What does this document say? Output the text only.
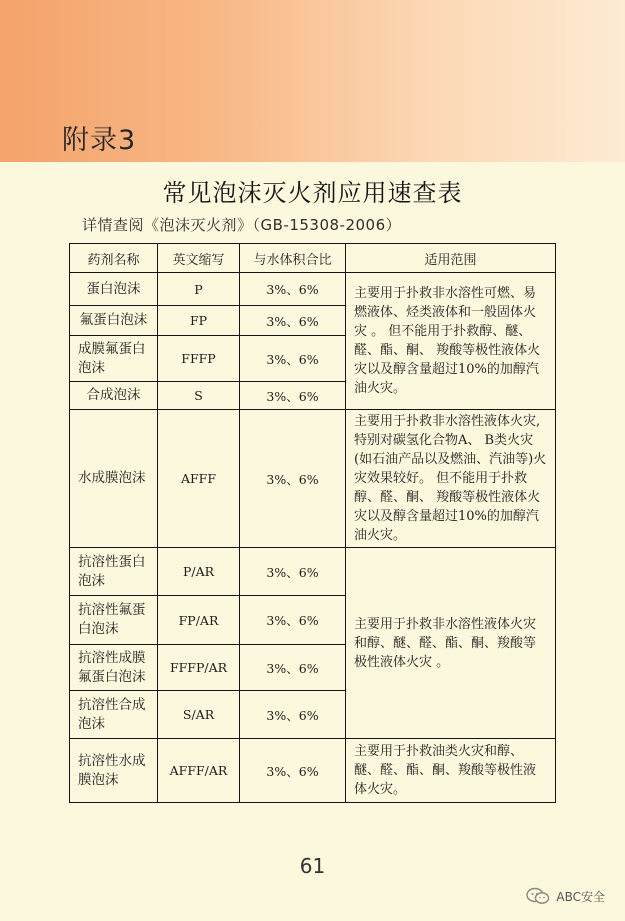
附录3
常见泡沫灭火剂应用速查表
详情查阅《泡沫灭火剂》（GB-15308-2006）
药剂名称	英文缩写	与水体积合比	适用范围
蛋白泡沫	P	3%、6%	主要用于扑救非水溶性可燃、易燃液体、烃类液体和一般固体火灾 。 但不能用于扑救醇、醚、醛、酯、酮、 羧酸等极性液体火灾以及醇含量超过10%的加醇汽油火灾。
氟蛋白泡沫	FP	3%、6%	
成膜氟蛋白泡沫	FFFP	3%、6%	
合成泡沫	S	3%、6%	
水成膜泡沫	AFFF	3%、6%	主要用于扑救非水溶性液体火灾,特别对碳氢化合物A、 B类火灾(如石油产品以及燃油、汽油等)火灾效果较好。 但不能用于扑救醇、醛、酮、 羧酸等极性液体火灾以及醇含量超过10%的加醇汽油火灾。
抗溶性蛋白泡沫	P/AR	3%、6%	主要用于扑救非水溶性液体火灾和醇、醚、醛、酯、酮、羧酸等极性液体火灾 。
抗溶性氟蛋白泡沫	FP/AR	3%、6%	
抗溶性成膜氟蛋白泡沫	FFFP/AR	3%、6%	
抗溶性合成泡沫	S/AR	3%、6%	
抗溶性水成膜泡沫	AFFF/AR	3%、6%	主要用于扑救油类火灾和醇、醚、醛、酯、酮、羧酸等极性液体火灾。
61
ABC安全
